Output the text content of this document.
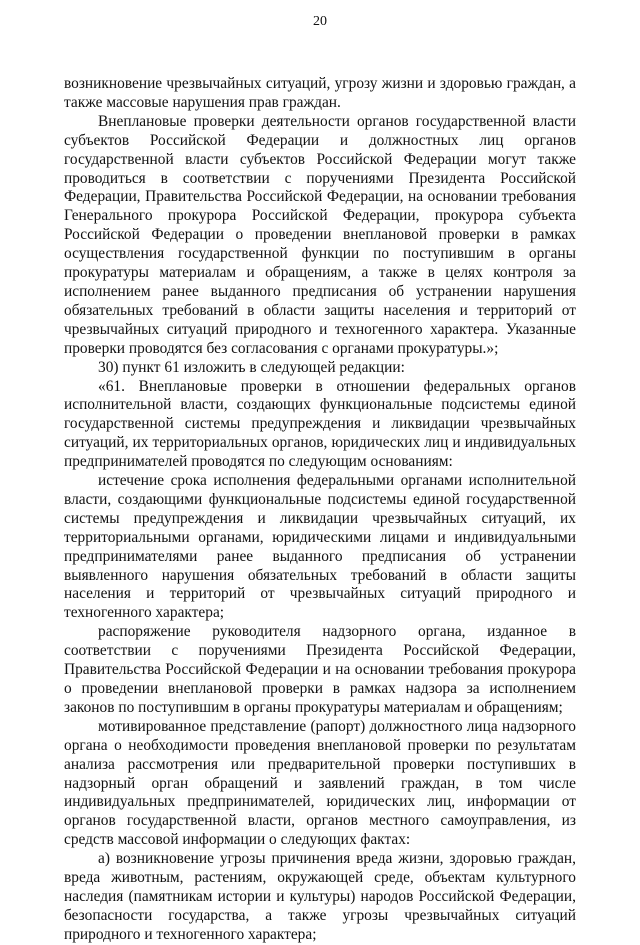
20

возникновение чрезвычайных ситуаций, угрозу жизни и здоровью граждан, а также массовые нарушения прав граждан.

Внеплановые проверки деятельности органов государственной власти субъектов Российской Федерации и должностных лиц органов государственной власти субъектов Российской Федерации могут также проводиться в соответствии с поручениями Президента Российской Федерации, Правительства Российской Федерации, на основании требования Генерального прокурора Российской Федерации, прокурора субъекта Российской Федерации о проведении внеплановой проверки в рамках осуществления государственной функции по поступившим в органы прокуратуры материалам и обращениям, а также в целях контроля за исполнением ранее выданного предписания об устранении нарушения обязательных требований в области защиты населения и территорий от чрезвычайных ситуаций природного и техногенного характера. Указанные проверки проводятся без согласования с органами прокуратуры.»;

30) пункт 61 изложить в следующей редакции:

«61. Внеплановые проверки в отношении федеральных органов исполнительной власти, создающих функциональные подсистемы единой государственной системы предупреждения и ликвидации чрезвычайных ситуаций, их территориальных органов, юридических лиц и индивидуальных предпринимателей проводятся по следующим основаниям:

истечение срока исполнения федеральными органами исполнительной власти, создающими функциональные подсистемы единой государственной системы предупреждения и ликвидации чрезвычайных ситуаций, их территориальными органами, юридическими лицами и индивидуальными предпринимателями ранее выданного предписания об устранении выявленного нарушения обязательных требований в области защиты населения и территорий от чрезвычайных ситуаций природного и техногенного характера;

распоряжение руководителя надзорного органа, изданное в соответствии с поручениями Президента Российской Федерации, Правительства Российской Федерации и на основании требования прокурора о проведении внеплановой проверки в рамках надзора за исполнением законов по поступившим в органы прокуратуры материалам и обращениям;

мотивированное представление (рапорт) должностного лица надзорного органа о необходимости проведения внеплановой проверки по результатам анализа рассмотрения или предварительной проверки поступивших в надзорный орган обращений и заявлений граждан, в том числе индивидуальных предпринимателей, юридических лиц, информации от органов государственной власти, органов местного самоуправления, из средств массовой информации о следующих фактах:

а) возникновение угрозы причинения вреда жизни, здоровью граждан, вреда животным, растениям, окружающей среде, объектам культурного наследия (памятникам истории и культуры) народов Российской Федерации, безопасности государства, а также угрозы чрезвычайных ситуаций природного и техногенного характера;
